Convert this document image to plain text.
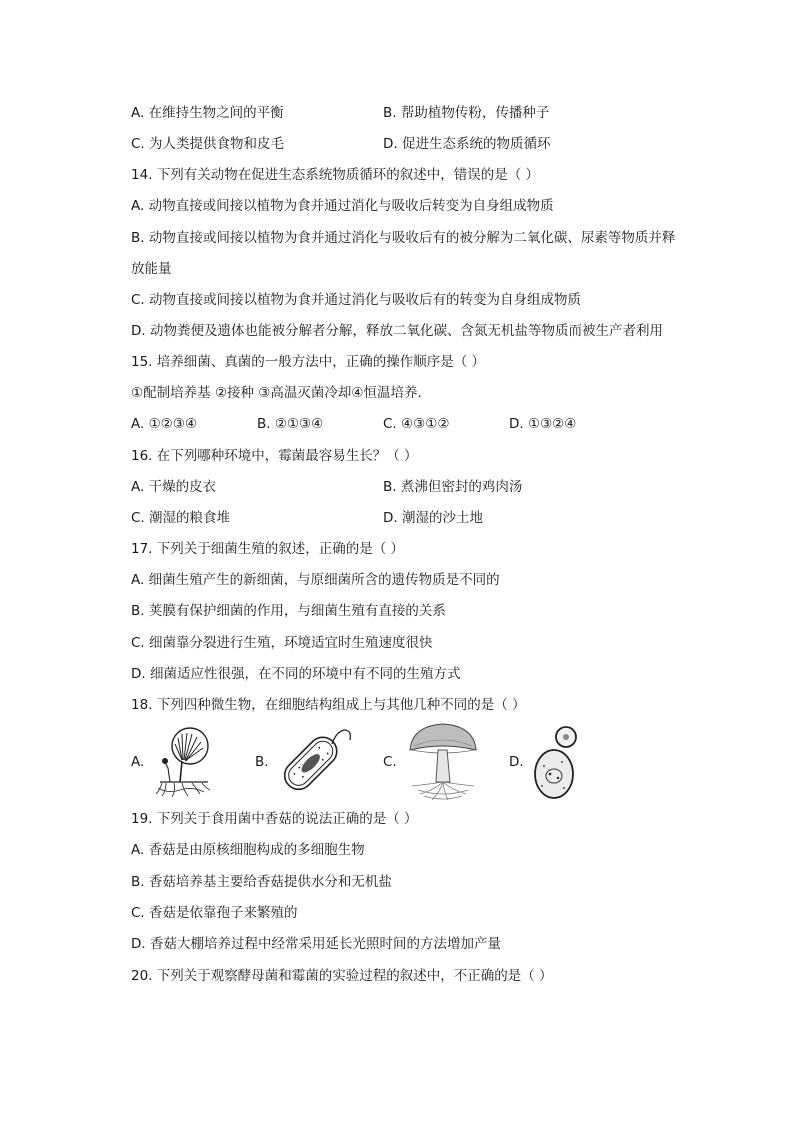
A. 在维持生物之间的平衡	B. 帮助植物传粉，传播种子
C. 为人类提供食物和皮毛	D. 促进生态系统的物质循环
14. 下列有关动物在促进生态系统物质循环的叙述中，错误的是（ ）
A. 动物直接或间接以植物为食并通过消化与吸收后转变为自身组成物质
B. 动物直接或间接以植物为食并通过消化与吸收后有的被分解为二氧化碳、尿素等物质并释
放能量
C. 动物直接或间接以植物为食并通过消化与吸收后有的转变为自身组成物质
D. 动物粪便及遗体也能被分解者分解，释放二氧化碳、含氮无机盐等物质而被生产者利用
15. 培养细菌、真菌的一般方法中，正确的操作顺序是（ ）
①配制培养基 ②接种 ③高温灭菌冷却④恒温培养．
A. ①②③④	B. ②①③④	C. ④③①②	D. ①③②④
16. 在下列哪种环境中，霉菌最容易生长？（ ）
A. 干燥的皮衣	B. 煮沸但密封的鸡肉汤
C. 潮湿的粮食堆	D. 潮湿的沙土地
17. 下列关于细菌生殖的叙述，正确的是（ ）
A. 细菌生殖产生的新细菌，与原细菌所含的遗传物质是不同的
B. 荚膜有保护细菌的作用，与细菌生殖有直接的关系
C. 细菌靠分裂进行生殖，环境适宜时生殖速度很快
D. 细菌适应性很强，在不同的环境中有不同的生殖方式
18. 下列四种微生物，在细胞结构组成上与其他几种不同的是（ ）
A.	B.	C.	D.
19. 下列关于食用菌中香菇的说法正确的是（ ）
A. 香菇是由原核细胞构成的多细胞生物
B. 香菇培养基主要给香菇提供水分和无机盐
C. 香菇是依靠孢子来繁殖的
D. 香菇大棚培养过程中经常采用延长光照时间的方法增加产量
20. 下列关于观察酵母菌和霉菌的实验过程的叙述中，不正确的是（ ）
